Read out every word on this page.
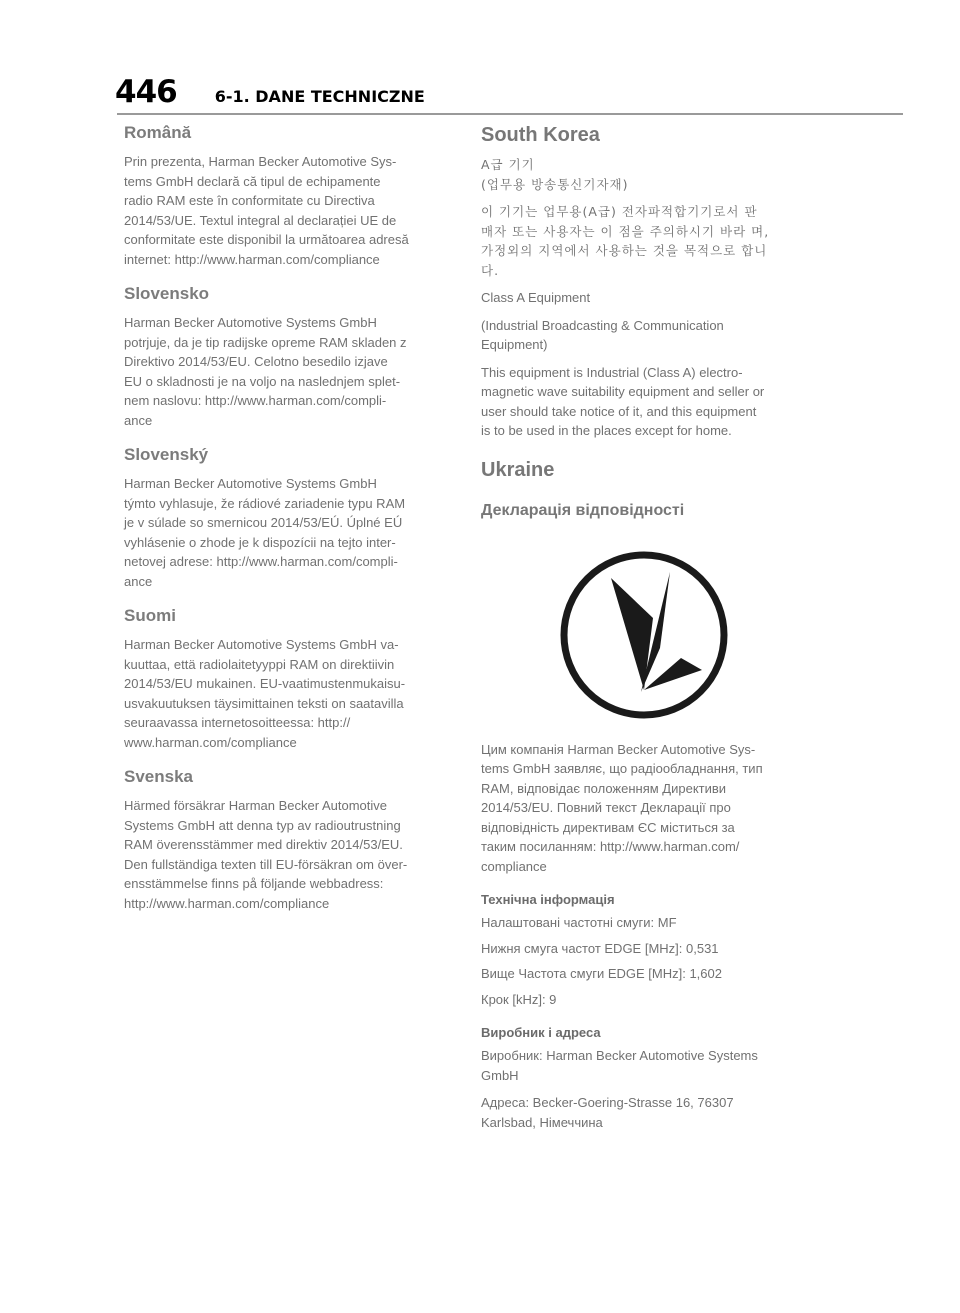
446 6-1. DANE TECHNICZNE
Română
Prin prezenta, Harman Becker Automotive Sys-
tems GmbH declară că tipul de echipamente
radio RAM este în conformitate cu Directiva
2014/53/UE. Textul integral al declarației UE de
conformitate este disponibil la următoarea adresă
internet: http://www.harman.com/compliance
Slovensko
Harman Becker Automotive Systems GmbH
potrjuje, da je tip radijske opreme RAM skladen z
Direktivo 2014/53/EU. Celotno besedilo izjave
EU o skladnosti je na voljo na naslednjem splet-
nem naslovu: http://www.harman.com/compli-
ance
Slovenský
Harman Becker Automotive Systems GmbH
týmto vyhlasuje, že rádiové zariadenie typu RAM
je v súlade so smernicou 2014/53/EÚ. Úplné EÚ
vyhlásenie o zhode je k dispozícii na tejto inter-
netovej adrese: http://www.harman.com/compli-
ance
Suomi
Harman Becker Automotive Systems GmbH va-
kuuttaa, että radiolaitetyyppi RAM on direktiivin
2014/53/EU mukainen. EU-vaatimustenmukaisu-
usvakuutuksen täysimittainen teksti on saatavilla
seuraavassa internetosoitteessa: http://
www.harman.com/compliance
Svenska
Härmed försäkrar Harman Becker Automotive
Systems GmbH att denna typ av radioutrustning
RAM överensstämmer med direktiv 2014/53/EU.
Den fullständiga texten till EU-försäkran om över-
ensstämmelse finns på följande webbadress:
http://www.harman.com/compliance
South Korea
A급 기기
(업무용 방송통신기자재)
이 기기는 업무용(A급) 전자파적합기기로서 판
매자 또는 사용자는 이 점을 주의하시기 바라 며,
가정외의 지역에서 사용하는 것을 목적으로 합니
다.
Class A Equipment
(Industrial Broadcasting & Communication
Equipment)
This equipment is Industrial (Class A) electro-
magnetic wave suitability equipment and seller or
user should take notice of it, and this equipment
is to be used in the places except for home.
Ukraine
Декларація відповідності
Цим компанія Harman Becker Automotive Sys-
tems GmbH заявляє, що радіообладнання, тип
RAM, відповідає положенням Директиви
2014/53/EU. Повний текст Декларації про
відповідність директивам ЄС міститься за
таким посиланням: http://www.harman.com/
compliance
Технічна інформація
Налаштовані частотні смуги: MF
Нижня смуга частот EDGE [MHz]: 0,531
Вище Частота смуги EDGE [MHz]: 1,602
Крок [kHz]: 9
Виробник і адреса
Виробник: Harman Becker Automotive Systems
GmbH
Адреса: Becker-Goering-Strasse 16, 76307
Karlsbad, Німеччина
